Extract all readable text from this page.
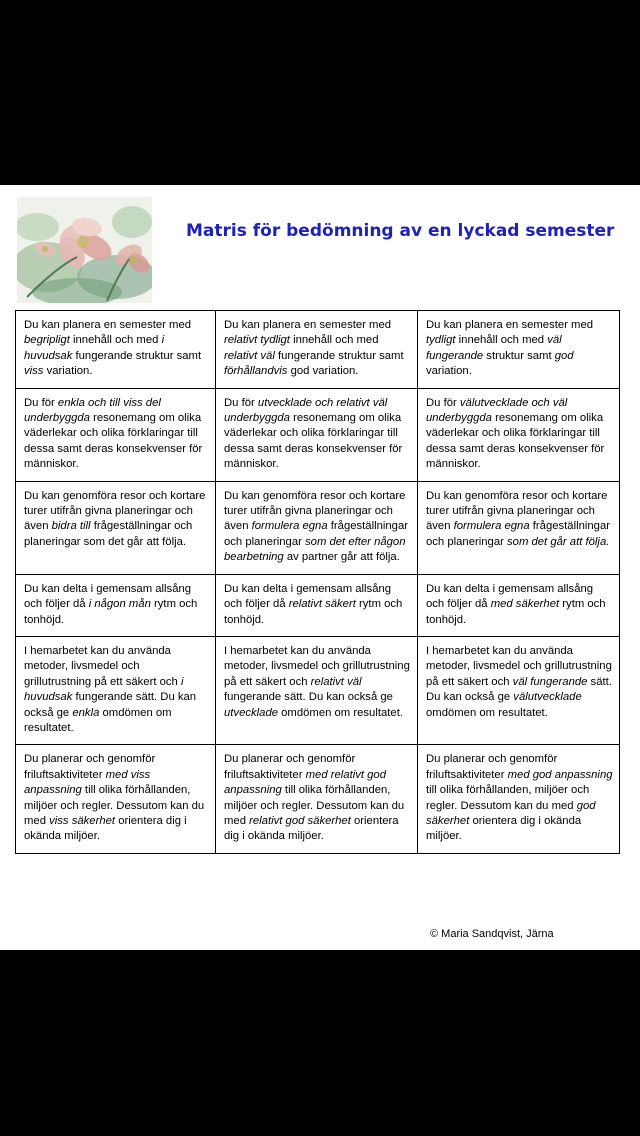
Matris för bedömning av en lyckad semester
Du kan planera en semester med begripligt innehåll och med i huvudsak fungerande struktur samt viss variation.	Du kan planera en semester med relativt tydligt innehåll och med relativt väl fungerande struktur samt förhållandvis god variation.	Du kan planera en semester med tydligt innehåll och med väl fungerande struktur samt god variation.
Du för enkla och till viss del underbyggda resonemang om olika väderlekar och olika förklaringar till dessa samt deras konsekvenser för människor.	Du för utvecklade och relativt väl underbyggda resonemang om olika väderlekar och olika förklaringar till dessa samt deras konsekvenser för människor.	Du för välutvecklade och väl underbyggda resonemang om olika väderlekar och olika förklaringar till dessa samt deras konsekvenser för människor.
Du kan genomföra resor och kortare turer utifrån givna planeringar och även bidra till frågeställningar och planeringar som det går att följa.	Du kan genomföra resor och kortare turer utifrån givna planeringar och även formulera egna frågeställningar och planeringar som det efter någon bearbetning av partner går att följa.	Du kan genomföra resor och kortare turer utifrån givna planeringar och även formulera egna frågeställningar och planeringar som det går att följa.
Du kan delta i gemensam allsång och följer då i någon mån rytm och tonhöjd.	Du kan delta i gemensam allsång och följer då relativt säkert rytm och tonhöjd.	Du kan delta i gemensam allsång och följer då med säkerhet rytm och tonhöjd.
I hemarbetet kan du använda metoder, livsmedel och grillutrustning på ett säkert och i huvudsak fungerande sätt. Du kan också ge enkla omdömen om resultatet.	I hemarbetet kan du använda metoder, livsmedel och grillutrustning på ett säkert och relativt väl fungerande sätt. Du kan också ge utvecklade omdömen om resultatet.	I hemarbetet kan du använda metoder, livsmedel och grillutrustning på ett säkert och väl fungerande sätt. Du kan också ge välutvecklade omdömen om resultatet.
Du planerar och genomför friluftsaktiviteter med viss anpassning till olika förhållanden, miljöer och regler. Dessutom kan du med viss säkerhet orientera dig i okända miljöer.	Du planerar och genomför friluftsaktiviteter med relativt god anpassning till olika förhållanden, miljöer och regler. Dessutom kan du med relativt god säkerhet orientera dig i okända miljöer.	Du planerar och genomför friluftsaktiviteter med god anpassning till olika förhållanden, miljöer och regler. Dessutom kan du med god säkerhet orientera dig i okända miljöer.
© Maria Sandqvist, Järna
